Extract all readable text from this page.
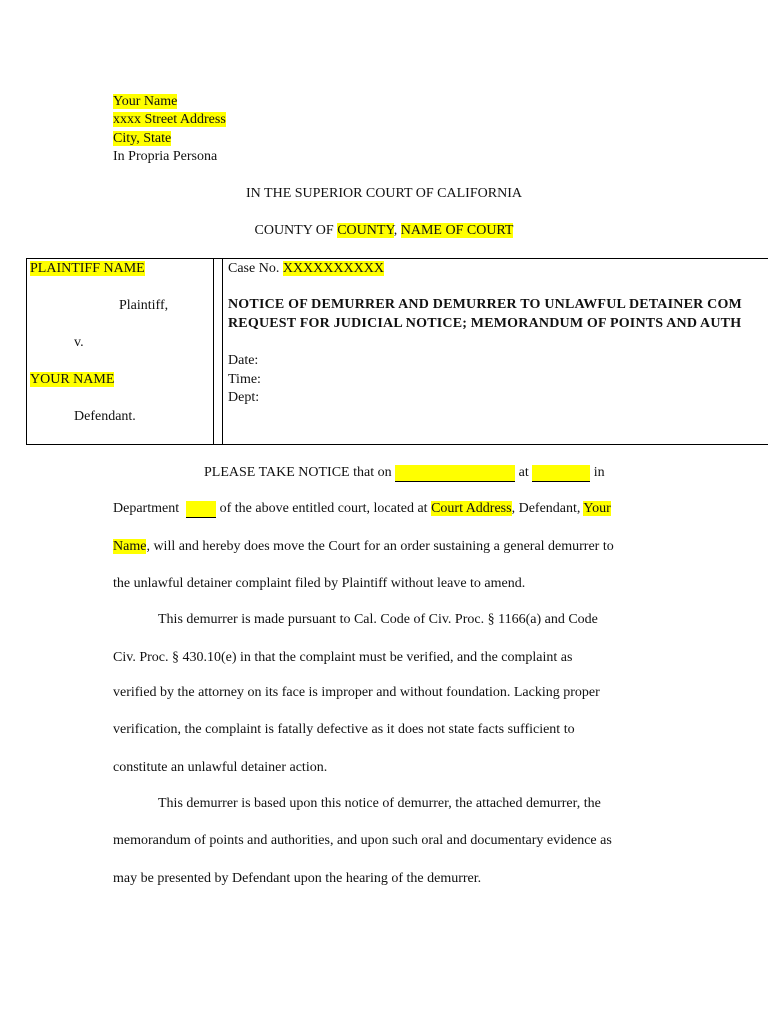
Your Name
xxxx Street Address
City, State
In Propria Persona
IN THE SUPERIOR COURT OF CALIFORNIA
COUNTY OF COUNTY, NAME OF COURT
PLAINTIFF NAME
Plaintiff,
v.
YOUR NAME
Defendant.
Case No. XXXXXXXXXX
NOTICE OF DEMURRER AND DEMURRER TO UNLAWFUL DETAINER COM
REQUEST FOR JUDICIAL NOTICE; MEMORANDUM OF POINTS AND AUTH
Date:
Time:
Dept:
PLEASE TAKE NOTICE that on	at	in
Department	of the above entitled court, located at Court Address, Defendant, Your
Name, will and hereby does move the Court for an order sustaining a general demurrer to
the unlawful detainer complaint filed by Plaintiff without leave to amend.
This demurrer is made pursuant to Cal. Code of Civ. Proc. § 1166(a) and Code
Civ. Proc. § 430.10(e) in that the complaint must be verified, and the complaint as
verified by the attorney on its face is improper and without foundation. Lacking proper
verification, the complaint is fatally defective as it does not state facts sufficient to
constitute an unlawful detainer action.
This demurrer is based upon this notice of demurrer, the attached demurrer, the
memorandum of points and authorities, and upon such oral and documentary evidence as
may be presented by Defendant upon the hearing of the demurrer.
